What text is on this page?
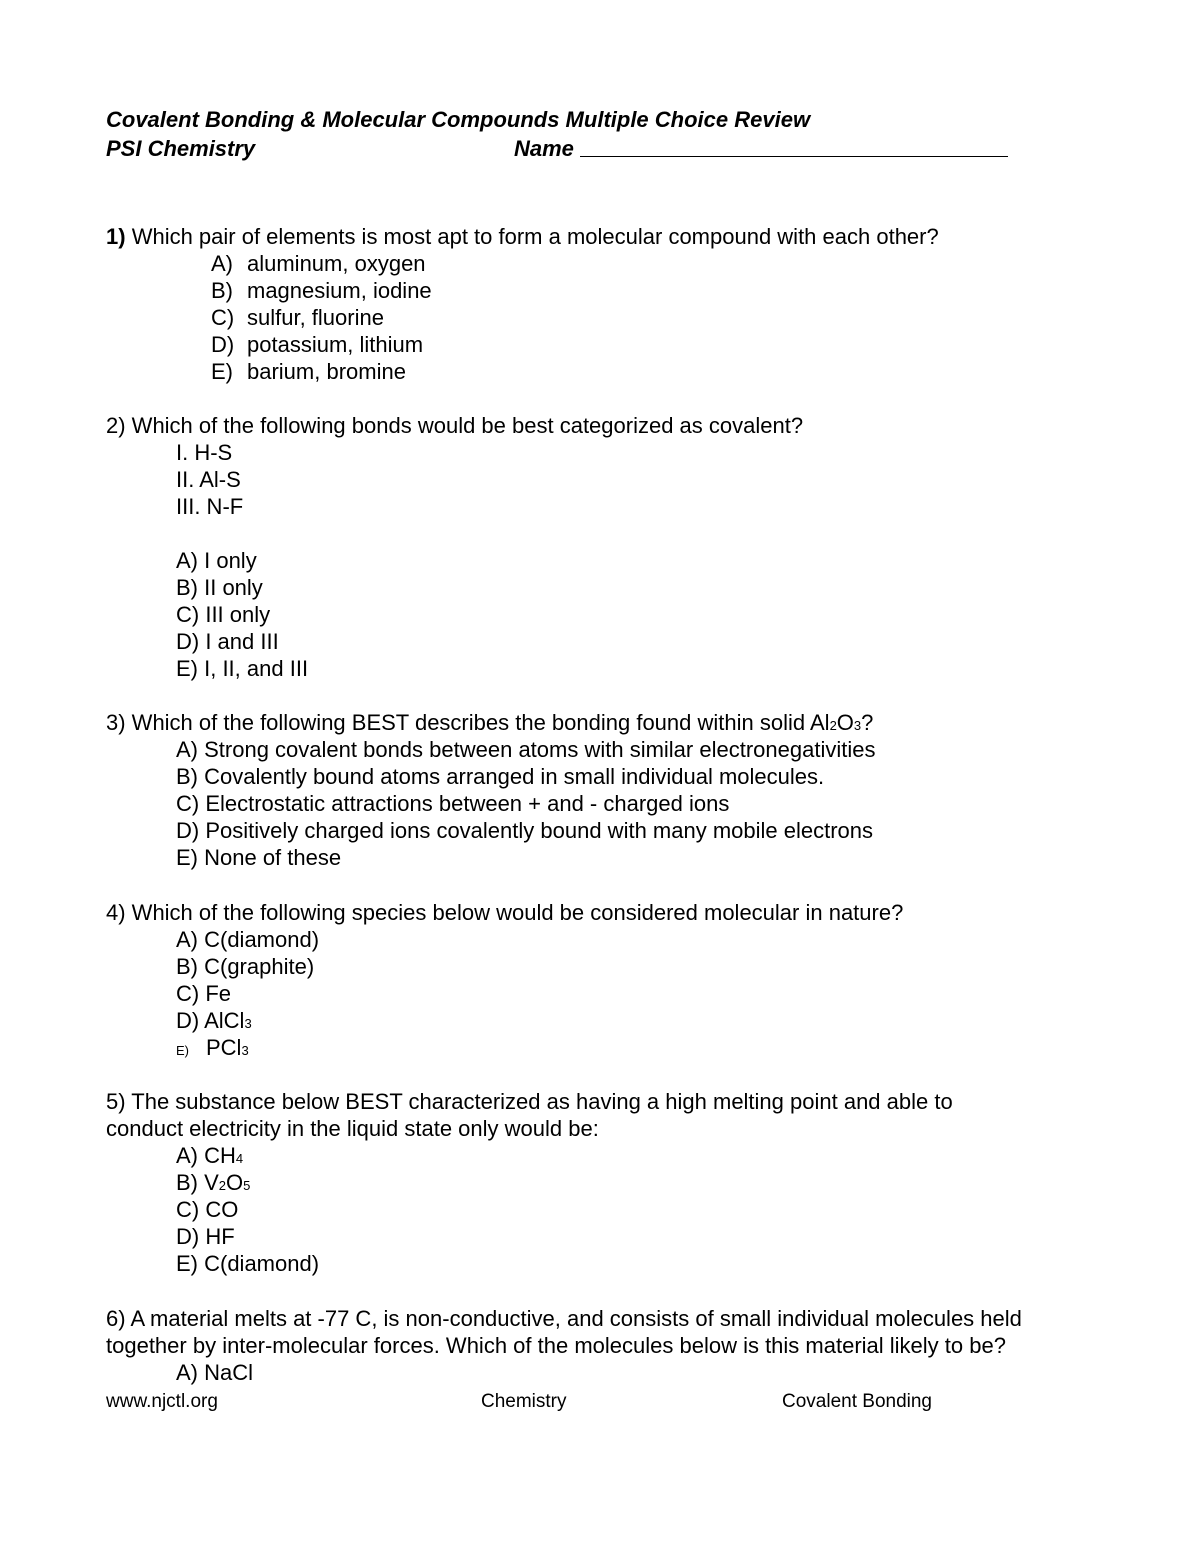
Covalent Bonding & Molecular Compounds Multiple Choice Review
PSI Chemistry	Name
1) Which pair of elements is most apt to form a molecular compound with each other?
A) aluminum, oxygen
B) magnesium, iodine
C) sulfur, fluorine
D) potassium, lithium
E) barium, bromine
2) Which of the following bonds would be best categorized as covalent?
I. H-S
II. Al-S
III. N-F
A) I only
B) II only
C) III only
D) I and III
E) I, II, and III
3) Which of the following BEST describes the bonding found within solid Al2O3?
A) Strong covalent bonds between atoms with similar electronegativities
B) Covalently bound atoms arranged in small individual molecules.
C) Electrostatic attractions between + and - charged ions
D) Positively charged ions covalently bound with many mobile electrons
E) None of these
4) Which of the following species below would be considered molecular in nature?
A) C(diamond)
B) C(graphite)
C) Fe
D) AlCl3
E) PCl3
5) The substance below BEST characterized as having a high melting point and able to
conduct electricity in the liquid state only would be:
A) CH4
B) V2O5
C) CO
D) HF
E) C(diamond)
6) A material melts at -77 C, is non-conductive, and consists of small individual molecules held
together by inter-molecular forces. Which of the molecules below is this material likely to be?
A) NaCl
www.njctl.org	Chemistry	Covalent Bonding
